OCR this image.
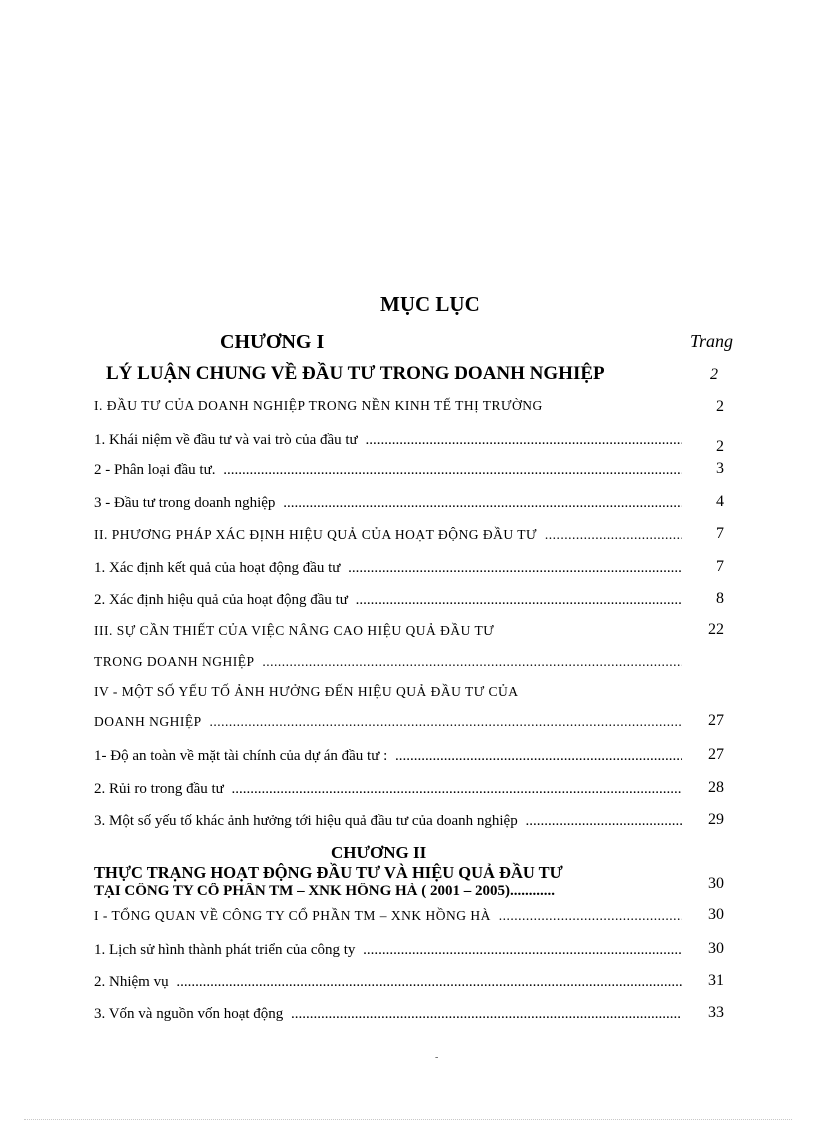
MỤC LỤC
CHƯƠNG I	Trang
LÝ LUẬN CHUNG VỀ ĐẦU TƯ TRONG DOANH NGHIỆP	2
I. ĐẦU TƯ CỦA DOANH NGHIỆP TRONG NỀN KINH TẾ THỊ TRƯỜNG	2
1. Khái niệm về đầu tư và vai trò của đầu tư .....	2
2 - Phân loại đầu tư. .....	3
3 - Đầu tư trong doanh nghiệp .....	4
II. PHƯƠNG PHÁP XÁC ĐỊNH HIỆU QUẢ CỦA HOẠT ĐỘNG ĐẦU TƯ .....	7
1. Xác định kết quả của hoạt động đầu tư .....	7
2. Xác định hiệu quả của hoạt động đầu tư .....	8
III. SỰ CẦN THIẾT CỦA VIỆC NÂNG CAO HIỆU QUẢ ĐẦU TƯ	22
TRONG DOANH NGHIỆP .....
IV - MỘT SỐ YẾU TỐ ẢNH HƯỞNG ĐẾN HIỆU QUẢ ĐẦU TƯ CỦA
DOANH NGHIỆP .....	27
1- Độ an toàn về mặt tài chính của dự án đầu tư : .....	27
2. Rủi ro trong đầu tư .....	28
3. Một số yếu tố khác ảnh hưởng tới hiệu quả đầu tư của doanh nghiệp .....	29
CHƯƠNG II
THỰC TRẠNG HOẠT ĐỘNG ĐẦU TƯ VÀ HIỆU QUẢ ĐẦU TƯ
TẠI CÔNG TY CỔ PHẦN TM – XNK HỒNG HÀ ( 2001 – 2005)............	30
I - TỔNG QUAN VỀ CÔNG TY CỔ PHẦN TM – XNK HỒNG HÀ .....	30
1. Lịch sử hình thành phát triển của công ty .....	30
2. Nhiệm vụ .....	31
3. Vốn và nguồn vốn hoạt động .....	33
-
